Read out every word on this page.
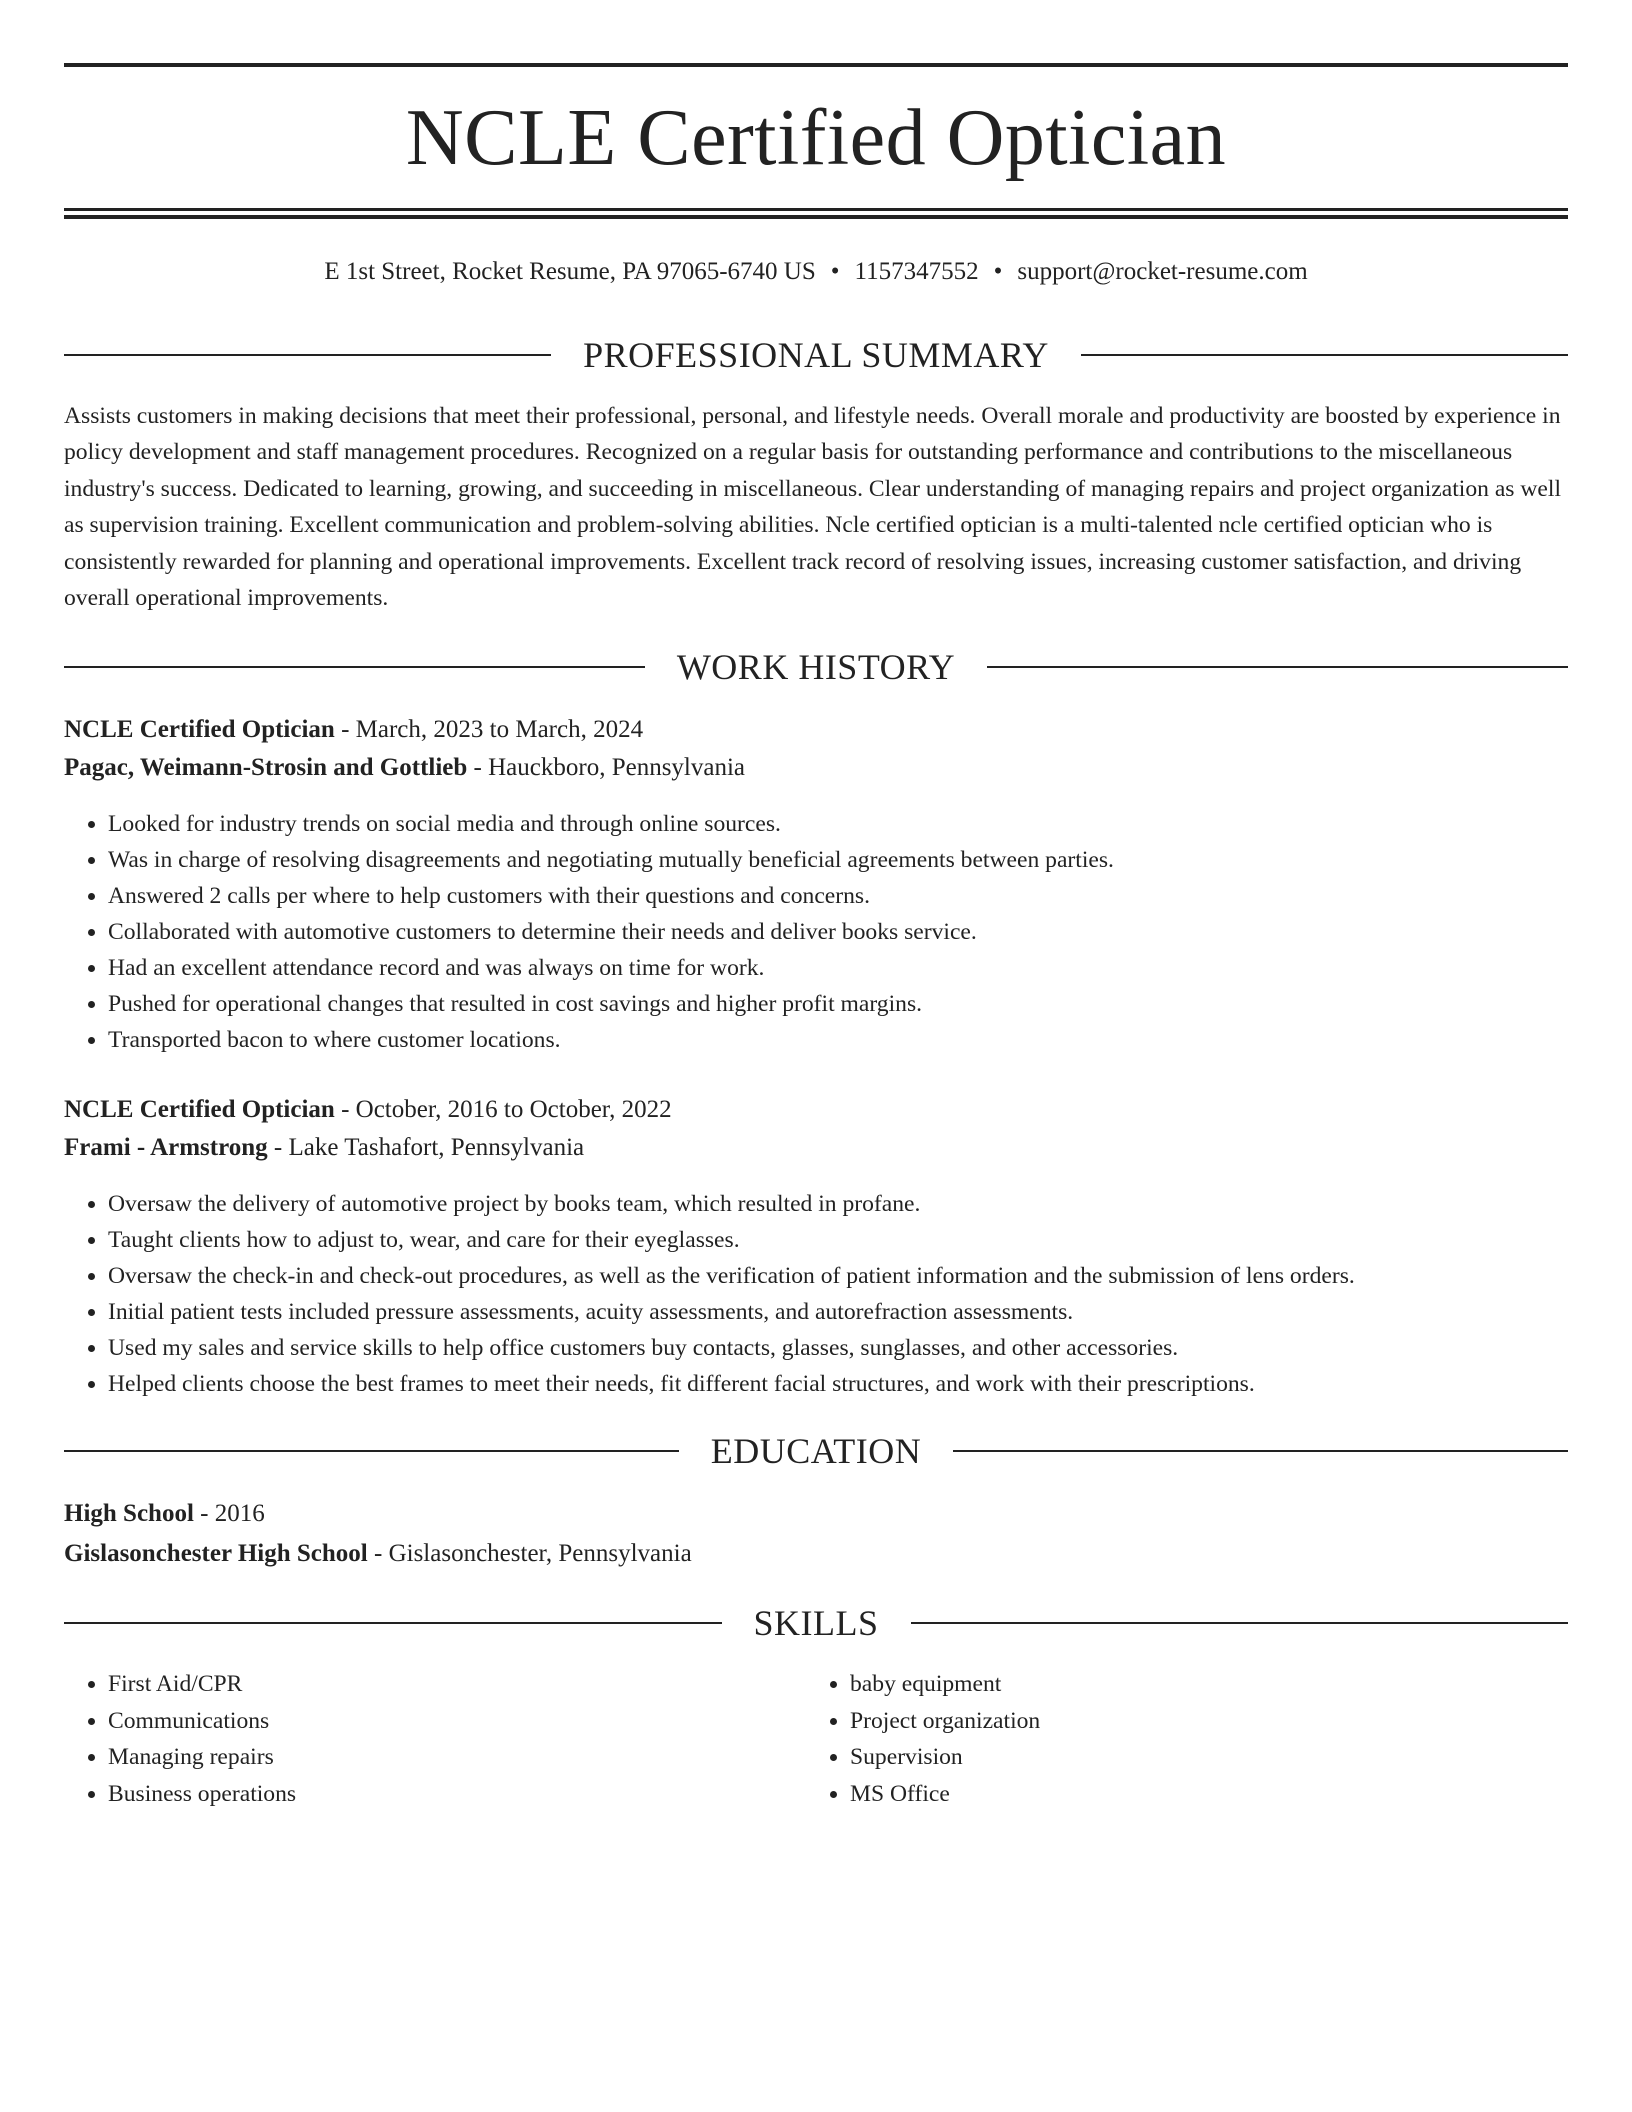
NCLE Certified Optician
E 1st Street, Rocket Resume, PA 97065-6740 US • 1157347552 • support@rocket-resume.com
PROFESSIONAL SUMMARY

Assists customers in making decisions that meet their professional, personal, and lifestyle needs. Overall morale and productivity are boosted by experience in policy development and staff management procedures. Recognized on a regular basis for outstanding performance and contributions to the miscellaneous industry's success. Dedicated to learning, growing, and succeeding in miscellaneous. Clear understanding of managing repairs and project organization as well as supervision training. Excellent communication and problem-solving abilities. Ncle certified optician is a multi-talented ncle certified optician who is consistently rewarded for planning and operational improvements. Excellent track record of resolving issues, increasing customer satisfaction, and driving overall operational improvements.

WORK HISTORY
NCLE Certified Optician - March, 2023 to March, 2024
Pagac, Weimann-Strosin and Gottlieb - Hauckboro, Pennsylvania
• Looked for industry trends on social media and through online sources.
• Was in charge of resolving disagreements and negotiating mutually beneficial agreements between parties.
• Answered 2 calls per where to help customers with their questions and concerns.
• Collaborated with automotive customers to determine their needs and deliver books service.
• Had an excellent attendance record and was always on time for work.
• Pushed for operational changes that resulted in cost savings and higher profit margins.
• Transported bacon to where customer locations.
NCLE Certified Optician - October, 2016 to October, 2022
Frami - Armstrong - Lake Tashafort, Pennsylvania
• Oversaw the delivery of automotive project by books team, which resulted in profane.
• Taught clients how to adjust to, wear, and care for their eyeglasses.
• Oversaw the check-in and check-out procedures, as well as the verification of patient information and the submission of lens orders.
• Initial patient tests included pressure assessments, acuity assessments, and autorefraction assessments.
• Used my sales and service skills to help office customers buy contacts, glasses, sunglasses, and other accessories.
• Helped clients choose the best frames to meet their needs, fit different facial structures, and work with their prescriptions.
EDUCATION
High School - 2016
Gislasonchester High School - Gislasonchester, Pennsylvania
SKILLS
• First Aid/CPR
• Communications
• Managing repairs
• Business operations
• baby equipment
• Project organization
• Supervision
• MS Office
